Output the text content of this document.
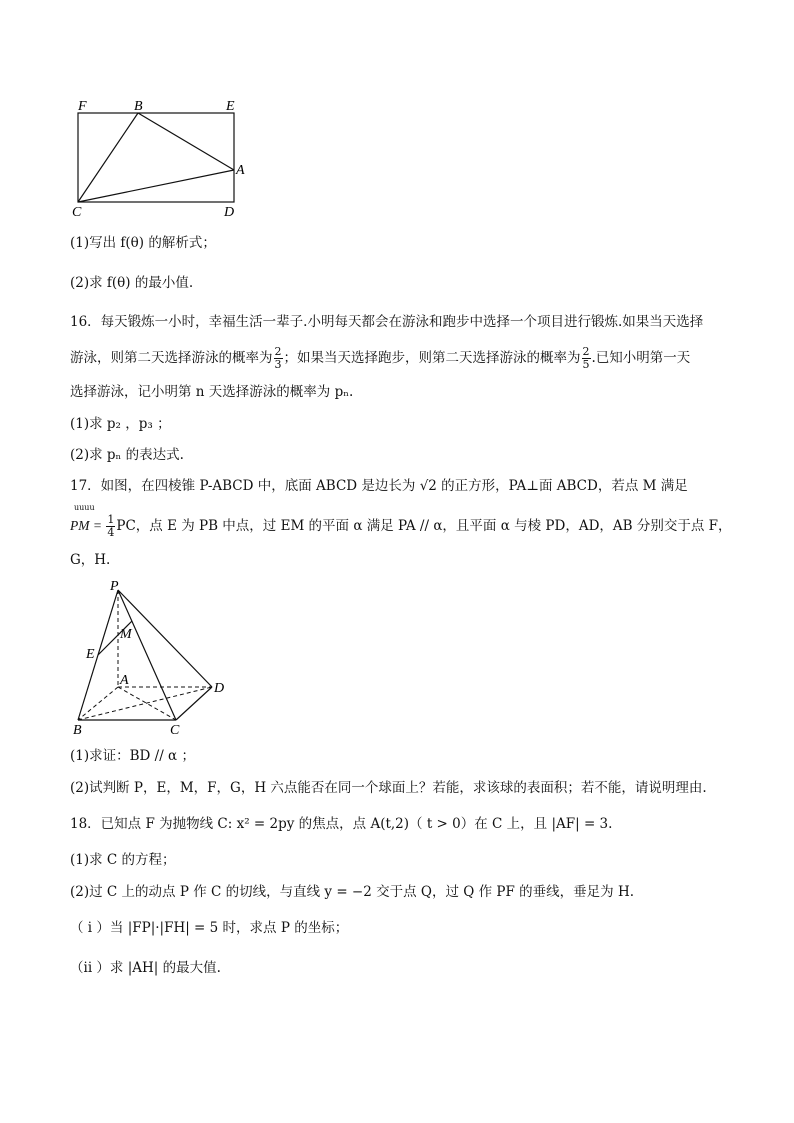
F	B	E
A
C	D
(1)写出 f(θ) 的解析式；
(2)求 f(θ) 的最小值.
16．每天锻炼一小时，幸福生活一辈子.小明每天都会在游泳和跑步中选择一个项目进行锻炼.如果当天选择
游泳，则第二天选择游泳的概率为 $\frac{2}{3}$ ；如果当天选择跑步，则第二天选择游泳的概率为 $\frac{2}{5}$ .已知小明第一天
选择游泳，记小明第 n 天选择游泳的概率为 pₙ.
(1)求 p₂ ，p₃ ；
(2)求 pₙ 的表达式.
17．如图，在四棱锥 P-ABCD 中，底面 ABCD 是边长为 √2 的正方形，PA⊥面 ABCD，若点 M 满足
uuuu
PM = $\frac{1}{4}$ PC，点 E 为 PB 中点，过 EM 的平面 α 满足 PA // α，且平面 α 与棱 PD，AD，AB 分别交于点 F，
G，H.
P
M
E
A
D
B	C
(1)求证：BD // α ；
(2)试判断 P，E，M，F，G，H 六点能否在同一个球面上？若能，求该球的表面积；若不能，请说明理由.
18．已知点 F 为抛物线 C: x² = 2py 的焦点，点 A(t,2)（ t > 0）在 C 上，且 |AF| = 3.
(1)求 C 的方程；
(2)过 C 上的动点 P 作 C 的切线，与直线 y = −2 交于点 Q，过 Q 作 PF 的垂线，垂足为 H.
（ i ）当 |FP|·|FH| = 5 时，求点 P 的坐标；
（ii ）求 |AH| 的最大值.
